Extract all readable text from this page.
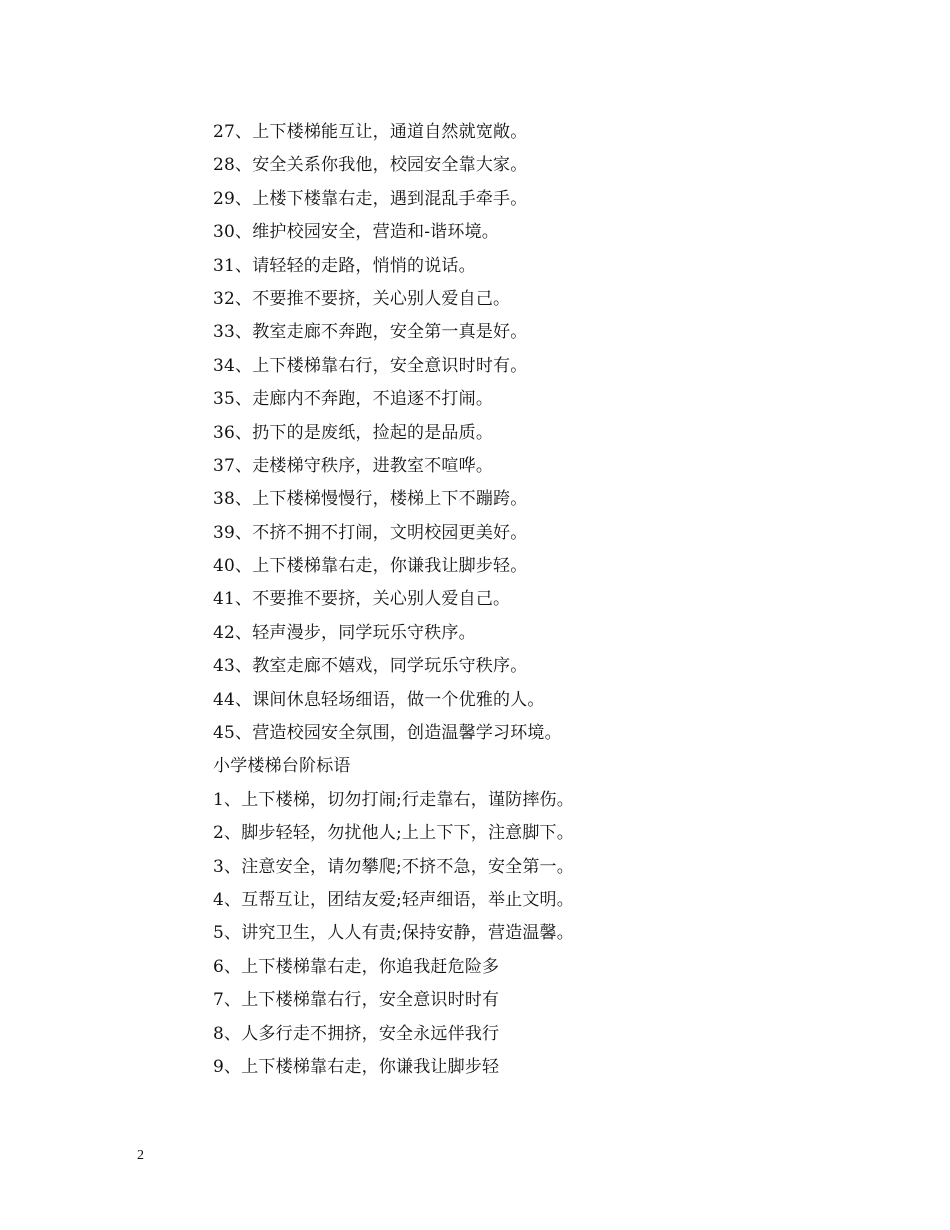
27、上下楼梯能互让，通道自然就宽敞。
28、安全关系你我他，校园安全靠大家。
29、上楼下楼靠右走，遇到混乱手牵手。
30、维护校园安全，营造和-谐环境。
31、请轻轻的走路，悄悄的说话。
32、不要推不要挤，关心别人爱自己。
33、教室走廊不奔跑，安全第一真是好。
34、上下楼梯靠右行，安全意识时时有。
35、走廊内不奔跑，不追逐不打闹。
36、扔下的是废纸，捡起的是品质。
37、走楼梯守秩序，进教室不喧哗。
38、上下楼梯慢慢行，楼梯上下不蹦跨。
39、不挤不拥不打闹，文明校园更美好。
40、上下楼梯靠右走，你谦我让脚步轻。
41、不要推不要挤，关心别人爱自己。
42、轻声漫步，同学玩乐守秩序。
43、教室走廊不嬉戏，同学玩乐守秩序。
44、课间休息轻场细语，做一个优雅的人。
45、营造校园安全氛围，创造温馨学习环境。
小学楼梯台阶标语
1、上下楼梯，切勿打闹;行走靠右，谨防摔伤。
2、脚步轻轻，勿扰他人;上上下下，注意脚下。
3、注意安全，请勿攀爬;不挤不急，安全第一。
4、互帮互让，团结友爱;轻声细语，举止文明。
5、讲究卫生，人人有责;保持安静，营造温馨。
6、上下楼梯靠右走，你追我赶危险多
7、上下楼梯靠右行，安全意识时时有
8、人多行走不拥挤，安全永远伴我行
9、上下楼梯靠右走，你谦我让脚步轻
2
